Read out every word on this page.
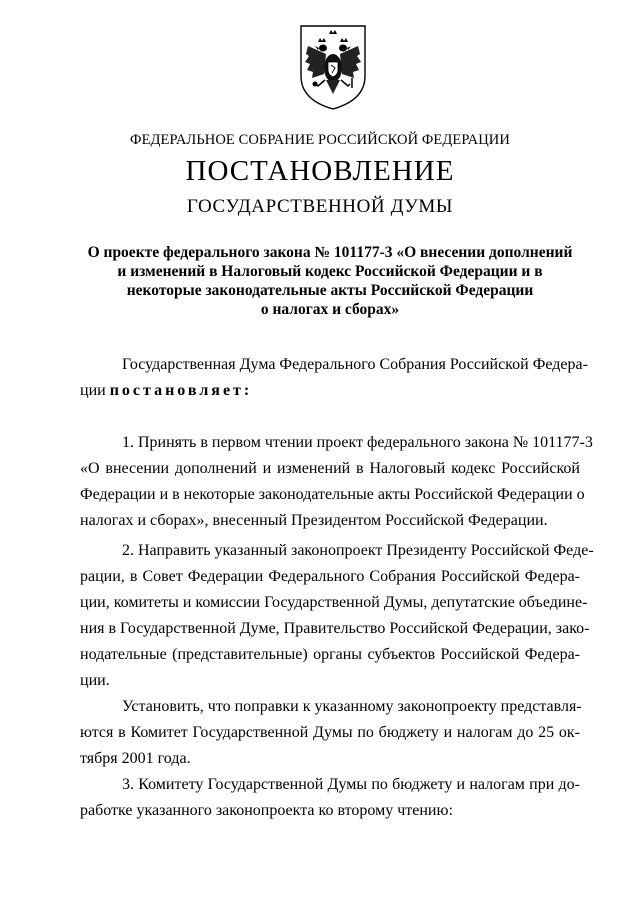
ФЕДЕРАЛЬНОЕ СОБРАНИЕ РОССИЙСКОЙ ФЕДЕРАЦИИ
ПОСТАНОВЛЕНИЕ
ГОСУДАРСТВЕННОЙ ДУМЫ
О проекте федерального закона № 101177-3 «О внесении дополнений
и изменений в Налоговый кодекс Российской Федерации и в
некоторые законодательные акты Российской Федерации
о налогах и сборах»
Государственная Дума Федерального Собрания Российской Федера-
ции постановляет:
1. Принять в первом чтении проект федерального закона № 101177-3
«О внесении дополнений и изменений в Налоговый кодекс Российской
Федерации и в некоторые законодательные акты Российской Федерации о
налогах и сборах», внесенный Президентом Российской Федерации.
2. Направить указанный законопроект Президенту Российской Феде-
рации, в Совет Федерации Федерального Собрания Российской Федера-
ции, комитеты и комиссии Государственной Думы, депутатские объедине-
ния в Государственной Думе, Правительство Российской Федерации, зако-
нодательные (представительные) органы субъектов Российской Федера-
ции.
Установить, что поправки к указанному законопроекту представля-
ются в Комитет Государственной Думы по бюджету и налогам до 25 ок-
тября 2001 года.
3. Комитету Государственной Думы по бюджету и налогам при до-
работке указанного законопроекта ко второму чтению:
